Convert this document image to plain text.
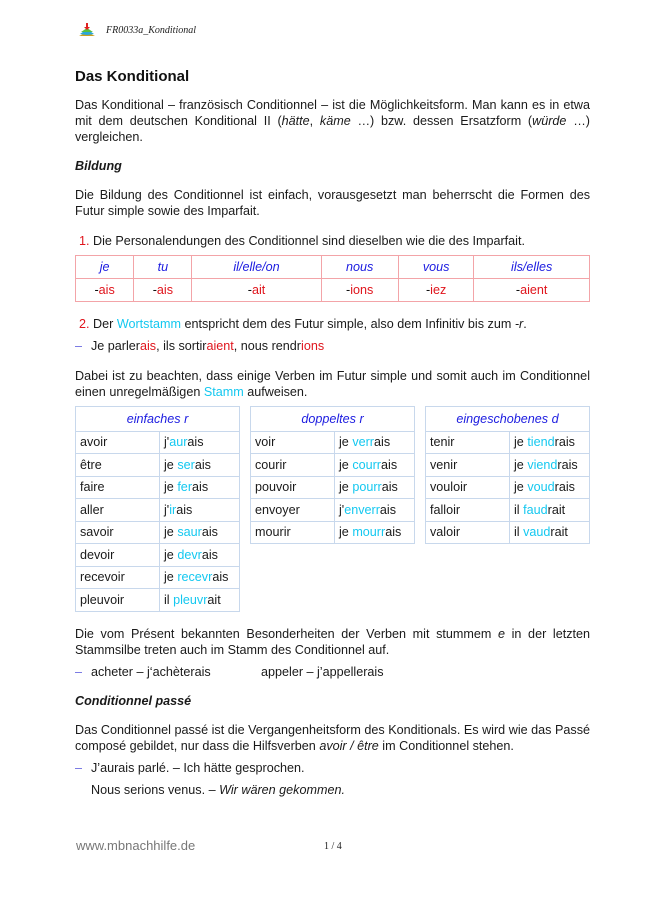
FR0033a_Konditional
Das Konditional

Das Konditional – französisch Conditionnel – ist die Möglichkeitsform. Man kann es in etwa mit dem deutschen Konditional II (hätte, käme …) bzw. dessen Ersatzform (würde …) vergleichen.

Bildung

Die Bildung des Conditionnel ist einfach, vorausgesetzt man beherrscht die Formen des Futur simple sowie des Imparfait.

1. Die Personalendungen des Conditionnel sind dieselben wie die des Imparfait.
je	tu	il/elle/on	nous	vous	ils/elles
-ais	-ais	-ait	-ions	-iez	-aient
2. Der Wortstamm entspricht dem des Futur simple, also dem Infinitiv bis zum -r.
– Je parlerais, ils sortiraient, nous rendrions

Dabei ist zu beachten, dass einige Verben im Futur simple und somit auch im Conditionnel einen unregelmäßigen Stamm aufweisen.

einfaches r	
avoir	j'aurais
être	je serais
faire	je ferais
aller	j'irais
savoir	je saurais
devoir	je devrais
recevoir	je recevrais
pleuvoir	il pleuvrait
doppeltes r	
voir	je verrais
courir	je courrais
pouvoir	je pourrais
envoyer	j'enverrais
mourir	je mourrais
eingeschobenes d	
tenir	je tiendrais
venir	je viendrais
vouloir	je voudrais
falloir	il faudrait
valoir	il vaudrait

Die vom Présent bekannten Besonderheiten der Verben mit stummem e in der letzten Stammsilbe treten auch im Stamm des Conditionnel auf.

– acheter – j‘achèterais	appeler – j’appellerais
Conditionnel passé

Das Conditionnel passé ist die Vergangenheitsform des Konditionals. Es wird wie das Passé composé gebildet, nur dass die Hilfsverben avoir / être im Conditionnel stehen.

– J’aurais parlé. – Ich hätte gesprochen.
Nous serions venus. – Wir wären gekommen.
www.mbnachhilfe.de	1 / 4
